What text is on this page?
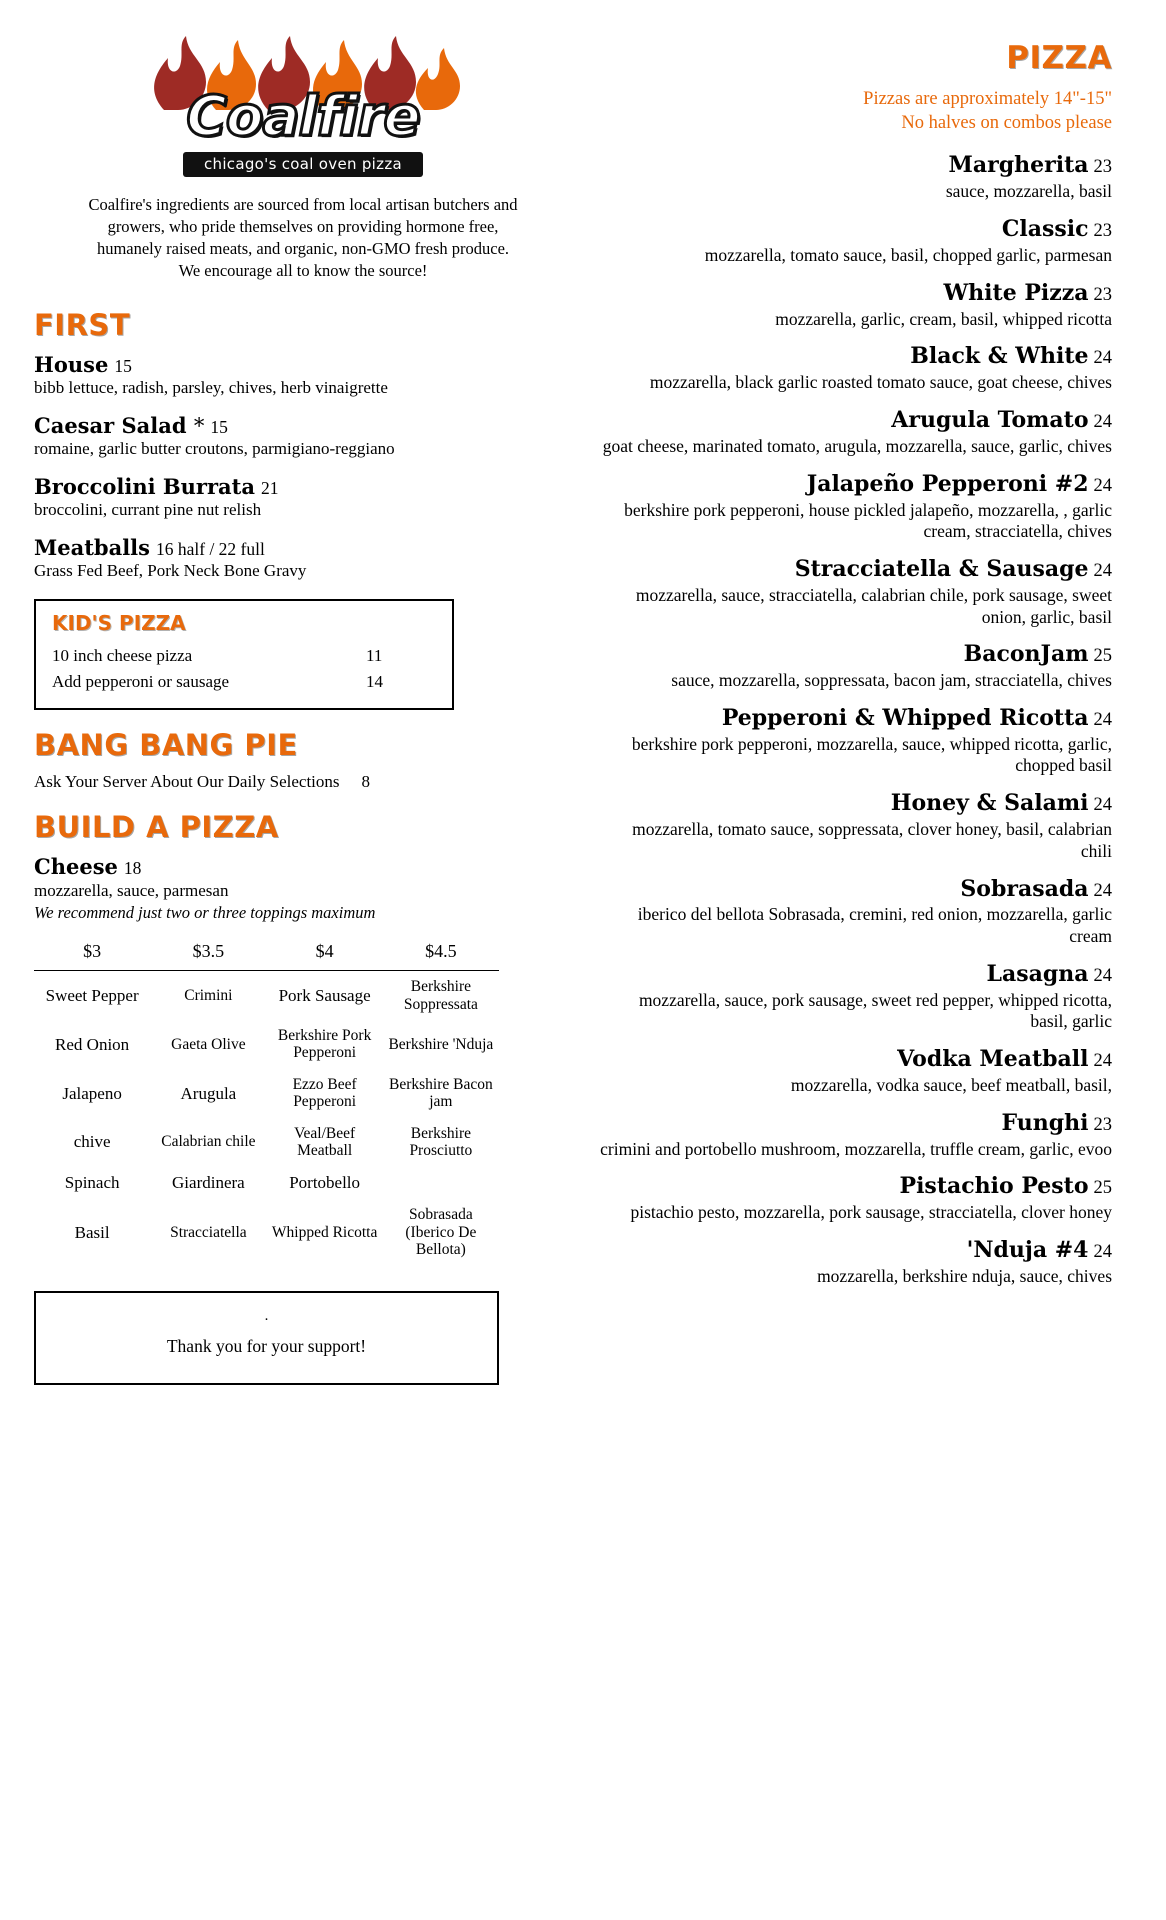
Coalfire
chicago's coal oven pizza
Coalfire's ingredients are sourced from local artisan butchers and growers, who pride themselves on providing hormone free, humanely raised meats, and organic, non-GMO fresh produce. We encourage all to know the source!
FIRST
House 15
bibb lettuce, radish, parsley, chives, herb vinaigrette
Caesar Salad * 15
romaine, garlic butter croutons, parmigiano-reggiano
Broccolini Burrata 21
broccolini, currant pine nut relish
Meatballs 16 half / 22 full
Grass Fed Beef, Pork Neck Bone Gravy
KID'S PIZZA
10 inch cheese pizza	11
Add pepperoni or sausage	14
BANG BANG PIE
Ask Your Server About Our Daily Selections 8
BUILD A PIZZA
Cheese 18
mozzarella, sauce, parmesan
We recommend just two or three toppings maximum
$3	$3.5	$4	$4.5
Sweet Pepper	Crimini	Pork Sausage	Berkshire Soppressata
Red Onion	Gaeta Olive	Berkshire Pork Pepperoni	Berkshire 'Nduja
Jalapeno	Arugula	Ezzo Beef Pepperoni	Berkshire Bacon jam
chive	Calabrian chile	Veal/Beef Meatball	Berkshire Prosciutto
Spinach	Giardinera	Portobello	
Basil	Stracciatella	Whipped Ricotta	Sobrasada (Iberico De Bellota)
.
Thank you for your support!
PIZZA
Pizzas are approximately 14"-15"
No halves on combos please
Margherita 23
sauce, mozzarella, basil
Classic 23
mozzarella, tomato sauce, basil, chopped garlic, parmesan
White Pizza 23
mozzarella, garlic, cream, basil, whipped ricotta
Black & White 24
mozzarella, black garlic roasted tomato sauce, goat cheese, chives
Arugula Tomato 24
goat cheese, marinated tomato, arugula, mozzarella, sauce, garlic, chives
Jalapeño Pepperoni #2 24
berkshire pork pepperoni, house pickled jalapeño, mozzarella, , garlic cream, stracciatella, chives
Stracciatella & Sausage 24
mozzarella, sauce, stracciatella, calabrian chile, pork sausage, sweet onion, garlic, basil
BaconJam 25
sauce, mozzarella, soppressata, bacon jam, stracciatella, chives
Pepperoni & Whipped Ricotta 24
berkshire pork pepperoni, mozzarella, sauce, whipped ricotta, garlic, chopped basil
Honey & Salami 24
mozzarella, tomato sauce, soppressata, clover honey, basil, calabrian chili
Sobrasada 24
iberico del bellota Sobrasada, cremini, red onion, mozzarella, garlic cream
Lasagna 24
mozzarella, sauce, pork sausage, sweet red pepper, whipped ricotta, basil, garlic
Vodka Meatball 24
mozzarella, vodka sauce, beef meatball, basil,
Funghi 23
crimini and portobello mushroom, mozzarella, truffle cream, garlic, evoo
Pistachio Pesto 25
pistachio pesto, mozzarella, pork sausage, stracciatella, clover honey
'Nduja #4 24
mozzarella, berkshire nduja, sauce, chives
